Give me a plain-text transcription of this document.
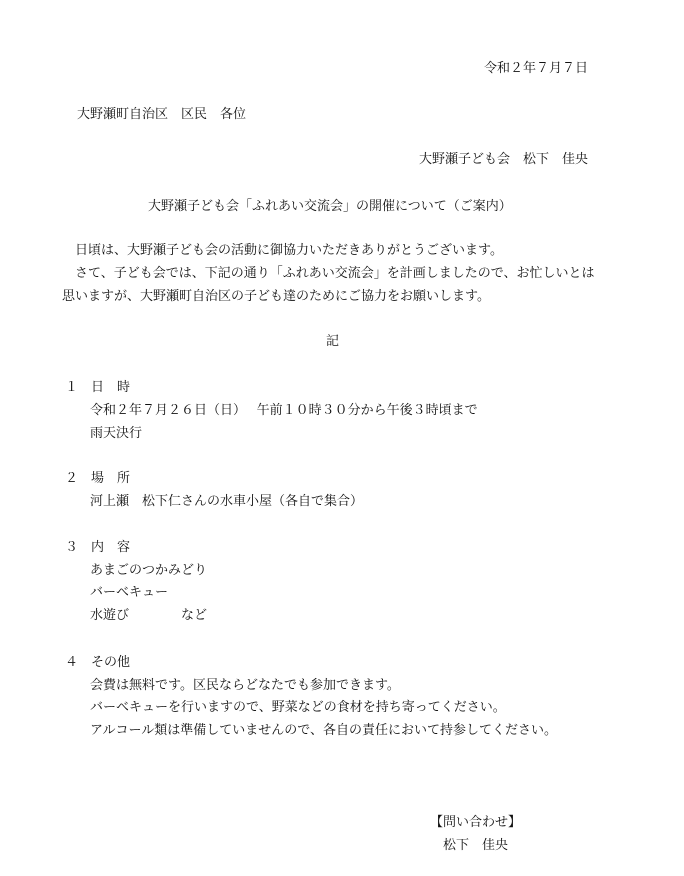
令和２年７月７日

大野瀬町自治区　区民　各位

大野瀬子ども会　松下　佳央

大野瀬子ども会「ふれあい交流会」の開催について（ご案内）

日頃は、大野瀬子ども会の活動に御協力いただきありがとうございます。

さて、子ども会では、下記の通り「ふれあい交流会」を計画しましたので、お忙しいとは

思いますが、大野瀬町自治区の子ども達のためにご協力をお願いします。

記

１　日　時

令和２年７月２６日（日）　 午前１０時３０分から午後３時頃まで

雨天決行

２　場　所

河上瀬　松下仁さんの水車小屋（各自で集合）

３　内　容

あまごのつかみどり

バーベキュー

水遊び　　　　など

４　その他

会費は無料です。区民ならどなたでも参加できます。

バーベキューを行いますので、野菜などの食材を持ち寄ってください。

アルコール類は準備していませんので、各自の責任において持参してください。

【問い合わせ】

松下　佳央
